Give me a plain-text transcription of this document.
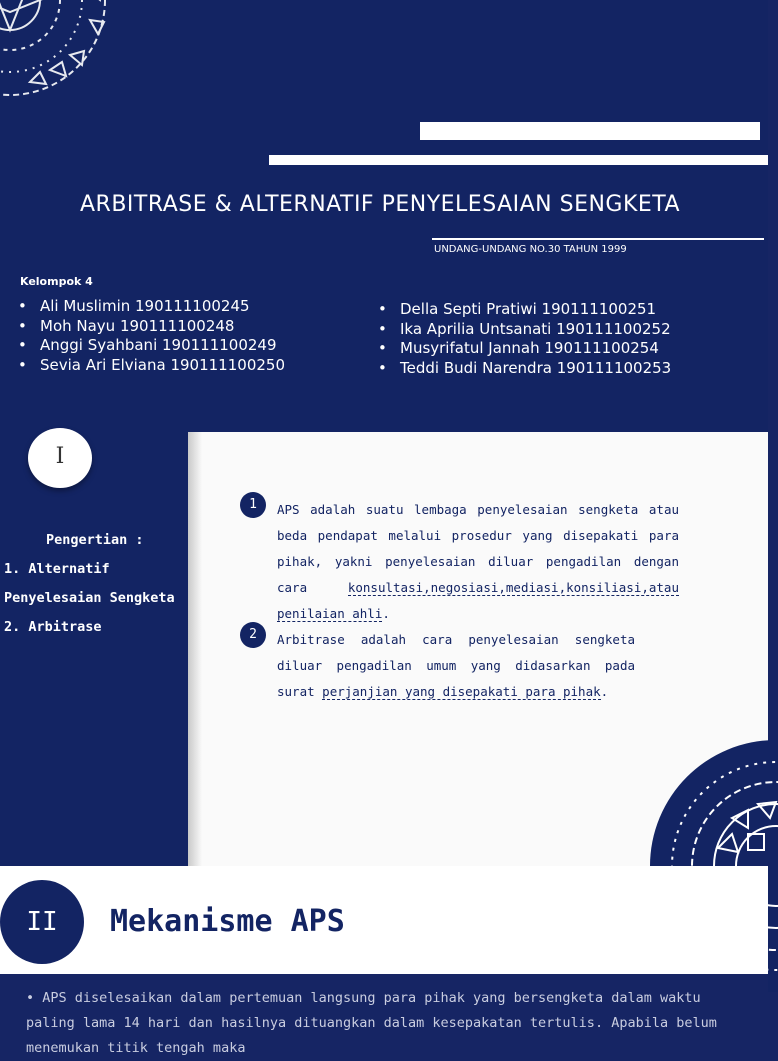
ARBITRASE & ALTERNATIF PENYELESAIAN SENGKETA
UNDANG-UNDANG NO.30 TAHUN 1999
Kelompok 4
• Ali Muslimin 190111100245
• Moh Nayu 190111100248
• Anggi Syahbani 190111100249
• Sevia Ari Elviana 190111100250
• Della Septi Pratiwi 190111100251
• Ika Aprilia Untsanati 190111100252
• Musyrifatul Jannah 190111100254
• Teddi Budi Narendra 190111100253
I
Pengertian :
1. Alternatif
Penyelesaian Sengketa
2. Arbitrase
1	APS adalah suatu lembaga penyelesaian sengketa atau beda pendapat melalui prosedur yang disepakati para pihak, yakni penyelesaian diluar pengadilan dengan cara	konsultasi,negosiasi,mediasi,konsiliasi,atau penilaian ahli.
2	Arbitrase adalah cara penyelesaian sengketa diluar pengadilan umum yang didasarkan pada surat perjanjian yang disepakati para pihak.
II	Mekanisme APS

• APS diselesaikan dalam pertemuan langsung para pihak yang bersengketa dalam waktu paling lama 14 hari dan hasilnya dituangkan dalam kesepakatan tertulis. Apabila belum menemukan titik tengah maka
